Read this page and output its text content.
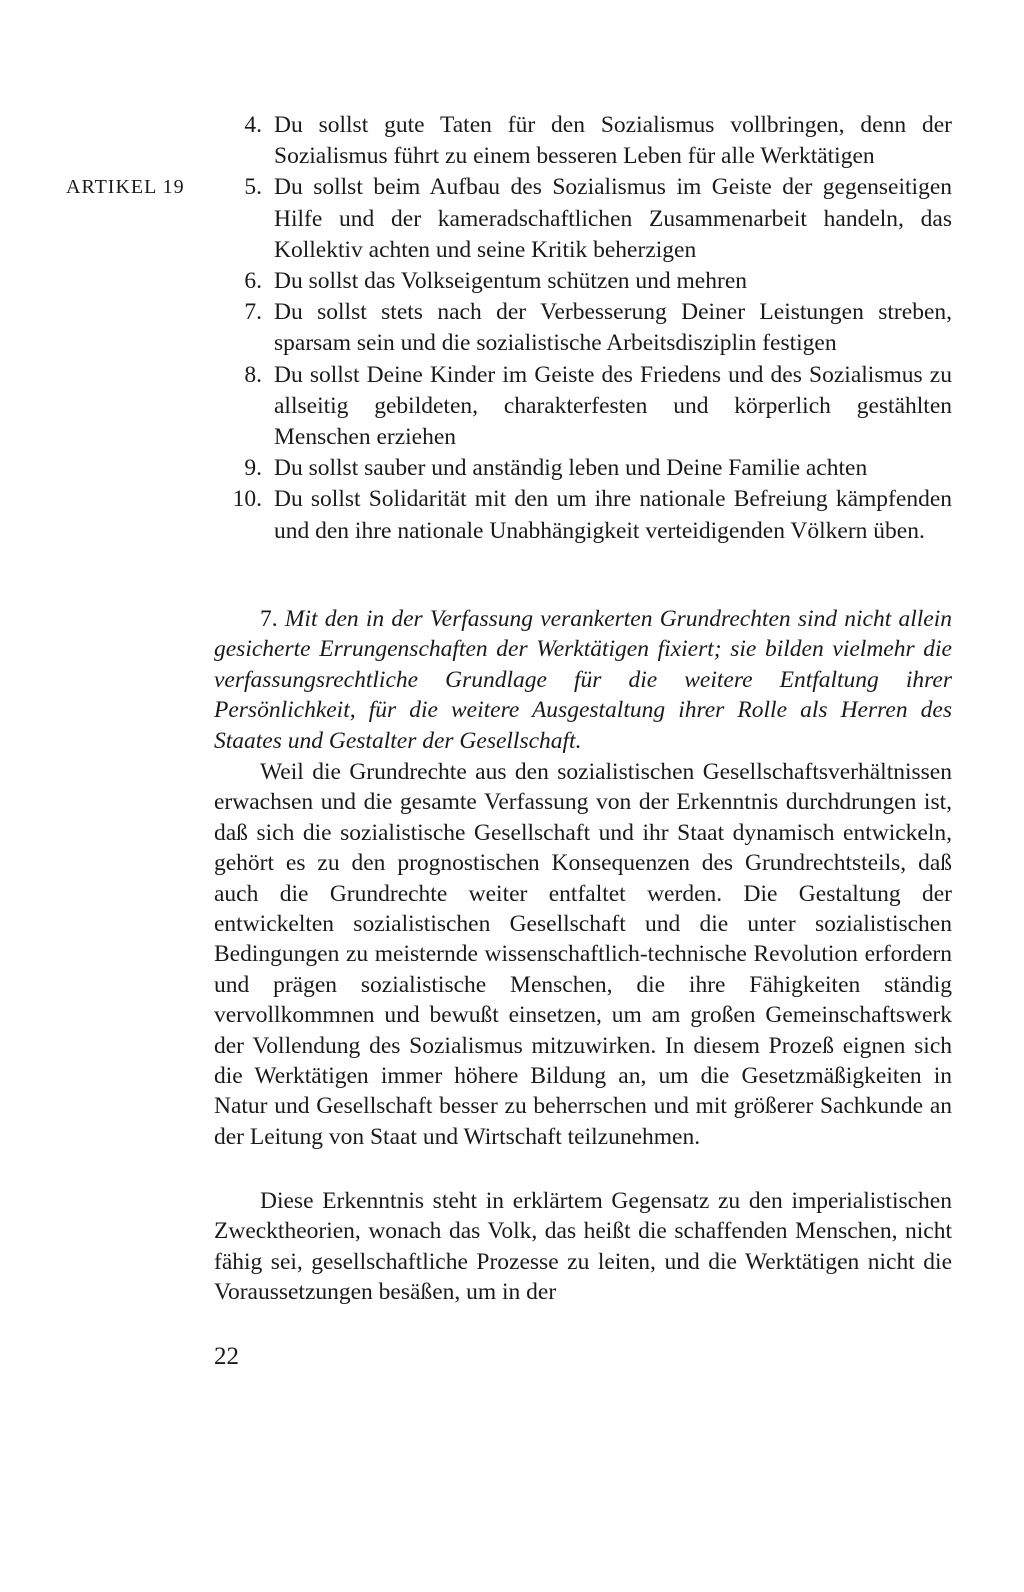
ARTIKEL 19
4. Du sollst gute Taten für den Sozialismus vollbringen, denn der Sozialismus führt zu einem besseren Leben für alle Werktätigen
5. Du sollst beim Aufbau des Sozialismus im Geiste der gegenseitigen Hilfe und der kameradschaftlichen Zusammenarbeit handeln, das Kollektiv achten und seine Kritik beherzigen
6. Du sollst das Volkseigentum schützen und mehren
7. Du sollst stets nach der Verbesserung Deiner Leistungen streben, sparsam sein und die sozialistische Arbeitsdisziplin festigen
8. Du sollst Deine Kinder im Geiste des Friedens und des Sozialismus zu allseitig gebildeten, charakterfesten und körperlich gestählten Menschen erziehen
9. Du sollst sauber und anständig leben und Deine Familie achten
10. Du sollst Solidarität mit den um ihre nationale Befreiung kämpfenden und den ihre nationale Unabhängigkeit verteidigenden Völkern üben.

7. Mit den in der Verfassung verankerten Grundrechten sind nicht allein gesicherte Errungenschaften der Werktätigen fixiert; sie bilden vielmehr die verfassungsrechtliche Grundlage für die weitere Entfaltung ihrer Persönlichkeit, für die weitere Ausgestaltung ihrer Rolle als Herren des Staates und Gestalter der Gesellschaft.

Weil die Grundrechte aus den sozialistischen Gesellschaftsverhältnissen erwachsen und die gesamte Verfassung von der Erkenntnis durchdrungen ist, daß sich die sozialistische Gesellschaft und ihr Staat dynamisch entwickeln, gehört es zu den prognostischen Konsequenzen des Grundrechtsteils, daß auch die Grundrechte weiter entfaltet werden. Die Gestaltung der entwickelten sozialistischen Gesellschaft und die unter sozialistischen Bedingungen zu meisternde wissenschaftlich-technische Revolution erfordern und prägen sozialistische Menschen, die ihre Fähigkeiten ständig vervollkommnen und bewußt einsetzen, um am großen Gemeinschaftswerk der Vollendung des Sozialismus mitzuwirken. In diesem Prozeß eignen sich die Werktätigen immer höhere Bildung an, um die Gesetzmäßigkeiten in Natur und Gesellschaft besser zu beherrschen und mit größerer Sachkunde an der Leitung von Staat und Wirtschaft teilzunehmen.

Diese Erkenntnis steht in erklärtem Gegensatz zu den imperialistischen Zwecktheorien, wonach das Volk, das heißt die schaffenden Menschen, nicht fähig sei, gesellschaftliche Prozesse zu leiten, und die Werktätigen nicht die Voraussetzungen besäßen, um in der

22
